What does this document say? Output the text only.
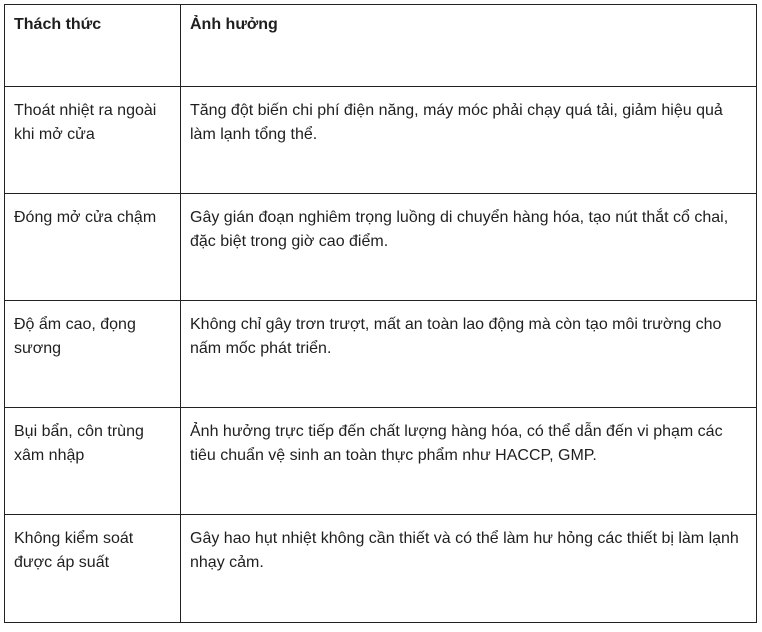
Thách thức	Ảnh hưởng
Thoát nhiệt ra ngoài khi mở cửa	Tăng đột biến chi phí điện năng, máy móc phải chạy quá tải, giảm hiệu quả làm lạnh tổng thể.
Đóng mở cửa chậm	Gây gián đoạn nghiêm trọng luồng di chuyển hàng hóa, tạo nút thắt cổ chai, đặc biệt trong giờ cao điểm.
Độ ẩm cao, đọng sương	Không chỉ gây trơn trượt, mất an toàn lao động mà còn tạo môi trường cho nấm mốc phát triển.
Bụi bẩn, côn trùng xâm nhập	Ảnh hưởng trực tiếp đến chất lượng hàng hóa, có thể dẫn đến vi phạm các tiêu chuẩn vệ sinh an toàn thực phẩm như HACCP, GMP.
Không kiểm soát được áp suất	Gây hao hụt nhiệt không cần thiết và có thể làm hư hỏng các thiết bị làm lạnh nhạy cảm.
